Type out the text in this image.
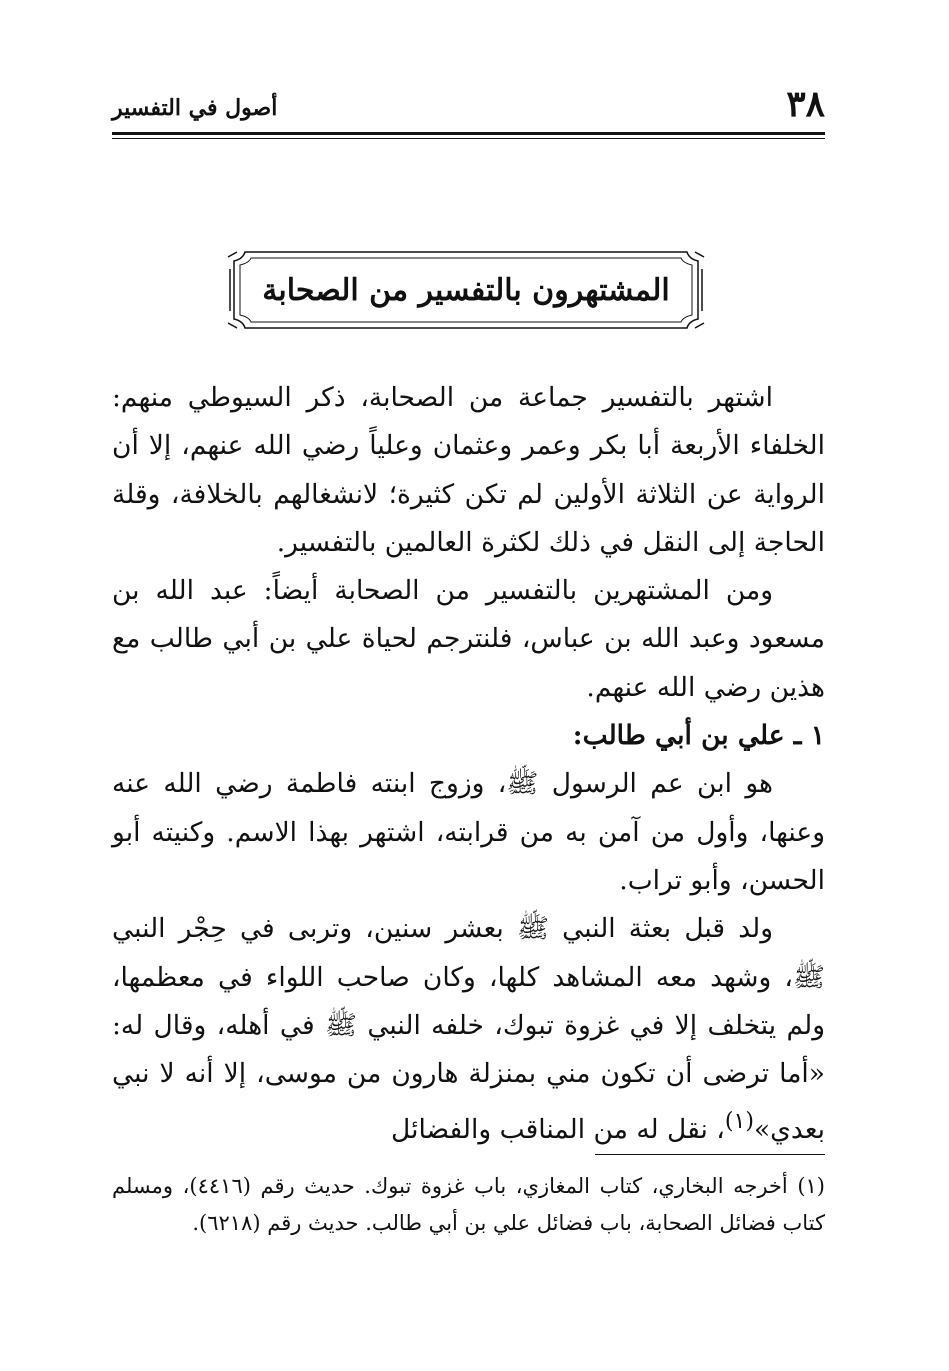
٣٨
أصول في التفسير
المشتهرون بالتفسير من الصحابة

اشتهر بالتفسير جماعة من الصحابة، ذكر السيوطي منهم: الخلفاء الأربعة أبا بكر وعمر وعثمان وعلياً رضي الله عنهم، إلا أن الرواية عن الثلاثة الأولين لم تكن كثيرة؛ لانشغالهم بالخلافة، وقلة الحاجة إلى النقل في ذلك لكثرة العالمين بالتفسير.

ومن المشتهرين بالتفسير من الصحابة أيضاً: عبد الله بن مسعود وعبد الله بن عباس، فلنترجم لحياة علي بن أبي طالب مع هذين رضي الله عنهم.

١ ـ علي بن أبي طالب:

هو ابن عم الرسول ﷺ، وزوج ابنته فاطمة رضي الله عنه وعنها، وأول من آمن به من قرابته، اشتهر بهذا الاسم. وكنيته أبو الحسن، وأبو تراب.

ولد قبل بعثة النبي ﷺ بعشر سنين، وتربى في حِجْر النبي ﷺ، وشهد معه المشاهد كلها، وكان صاحب اللواء في معظمها، ولم يتخلف إلا في غزوة تبوك، خلفه النبي ﷺ في أهله، وقال له: «أما ترضى أن تكون مني بمنزلة هارون من موسى، إلا أنه لا نبي بعدي»$^{(١)}$، نقل له من المناقب والفضائل

(١) أخرجه البخاري، كتاب المغازي، باب غزوة تبوك. حديث رقم (٤٤١٦)، ومسلم كتاب فضائل الصحابة، باب فضائل علي بن أبي طالب. حديث رقم (٦٢١٨).
